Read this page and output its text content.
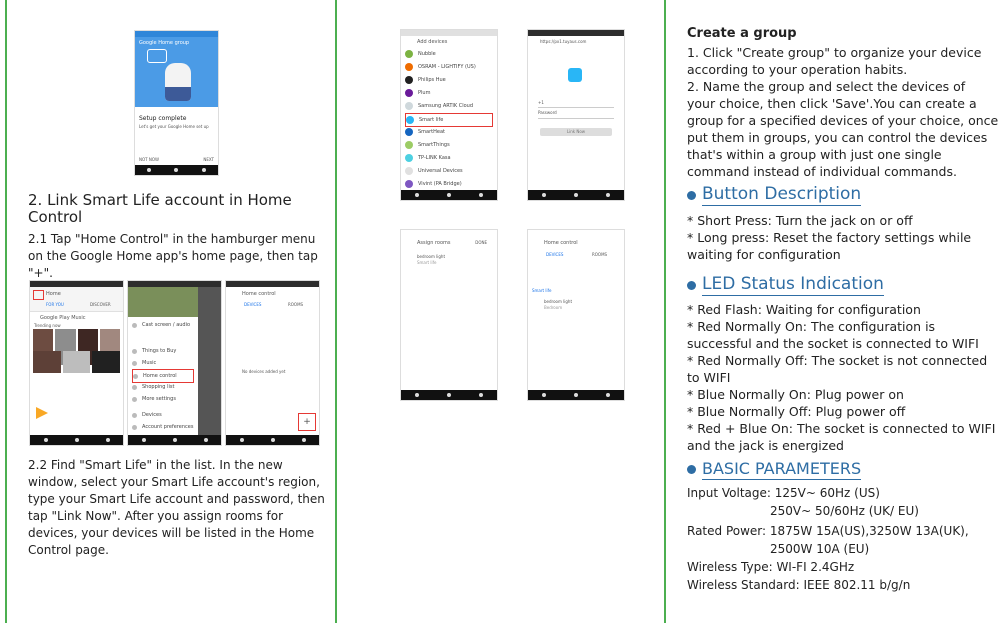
Google Home group
Setup complete
Let's get your Google Home set up
NOT NOW	NEXT
2. Link Smart Life account in Home Control
2.1 Tap "Home Control" in the hamburger menu on the Google Home app's home page, then tap "+".
Home
FOR YOU	DISCOVER
Google Play Music
Trending now	Cast screen / audio
Things to Buy
Music
Home control
Shopping list
More settings
Devices
Account preferences
Home control
DEVICES	ROOMS
No devices added yet
+
2.2 Find "Smart Life" in the list. In the new window, select your Smart Life account's region, type your Smart Life account and password, then tap "Link Now". After you assign rooms for devices, your devices will be listed in the Home Control page.
Add devices
Nubble
OSRAM - LIGHTIFY (US)
Philips Hue
Plum
Samsung ARTIK Cloud
Smart life
SmartHeat
SmartThings
TP-LINK Kasa
Universal Devices
Vivint (PA Bridge)
https://px1.tuyaus.com
+1
Password
Link Now
Assign rooms	DONE
bedroom light
Smart life
Home control
DEVICES	ROOMS
Smart life
bedroom light
Bedroom
Create a group
1. Click "Create group" to organize your device
according to your operation habits.
2. Name the group and select the devices of
your choice, then click 'Save'.You can create a
group for a specified devices of your choice, once
put them in groups, you can control the devices
that's within a group with just one single
command instead of individual commands.
Button Description
* Short Press: Turn the jack on or off
* Long press: Reset the factory settings while
waiting for configuration
LED Status Indication
* Red Flash: Waiting for configuration
* Red Normally On: The configuration is
successful and the socket is connected to WIFI
* Red Normally Off: The socket is not connected
to WIFI
* Blue Normally On: Plug power on
* Blue Normally Off: Plug power off
* Red + Blue On: The socket is connected to WIFI
and the jack is energized
BASIC PARAMETERS
Input Voltage: 125V~ 60Hz (US)
250V~ 50/60Hz (UK/ EU)
Rated Power: 1875W 15A(US),3250W 13A(UK),
2500W 10A (EU)
Wireless Type: WI-FI 2.4GHz
Wireless Standard: IEEE 802.11 b/g/n
